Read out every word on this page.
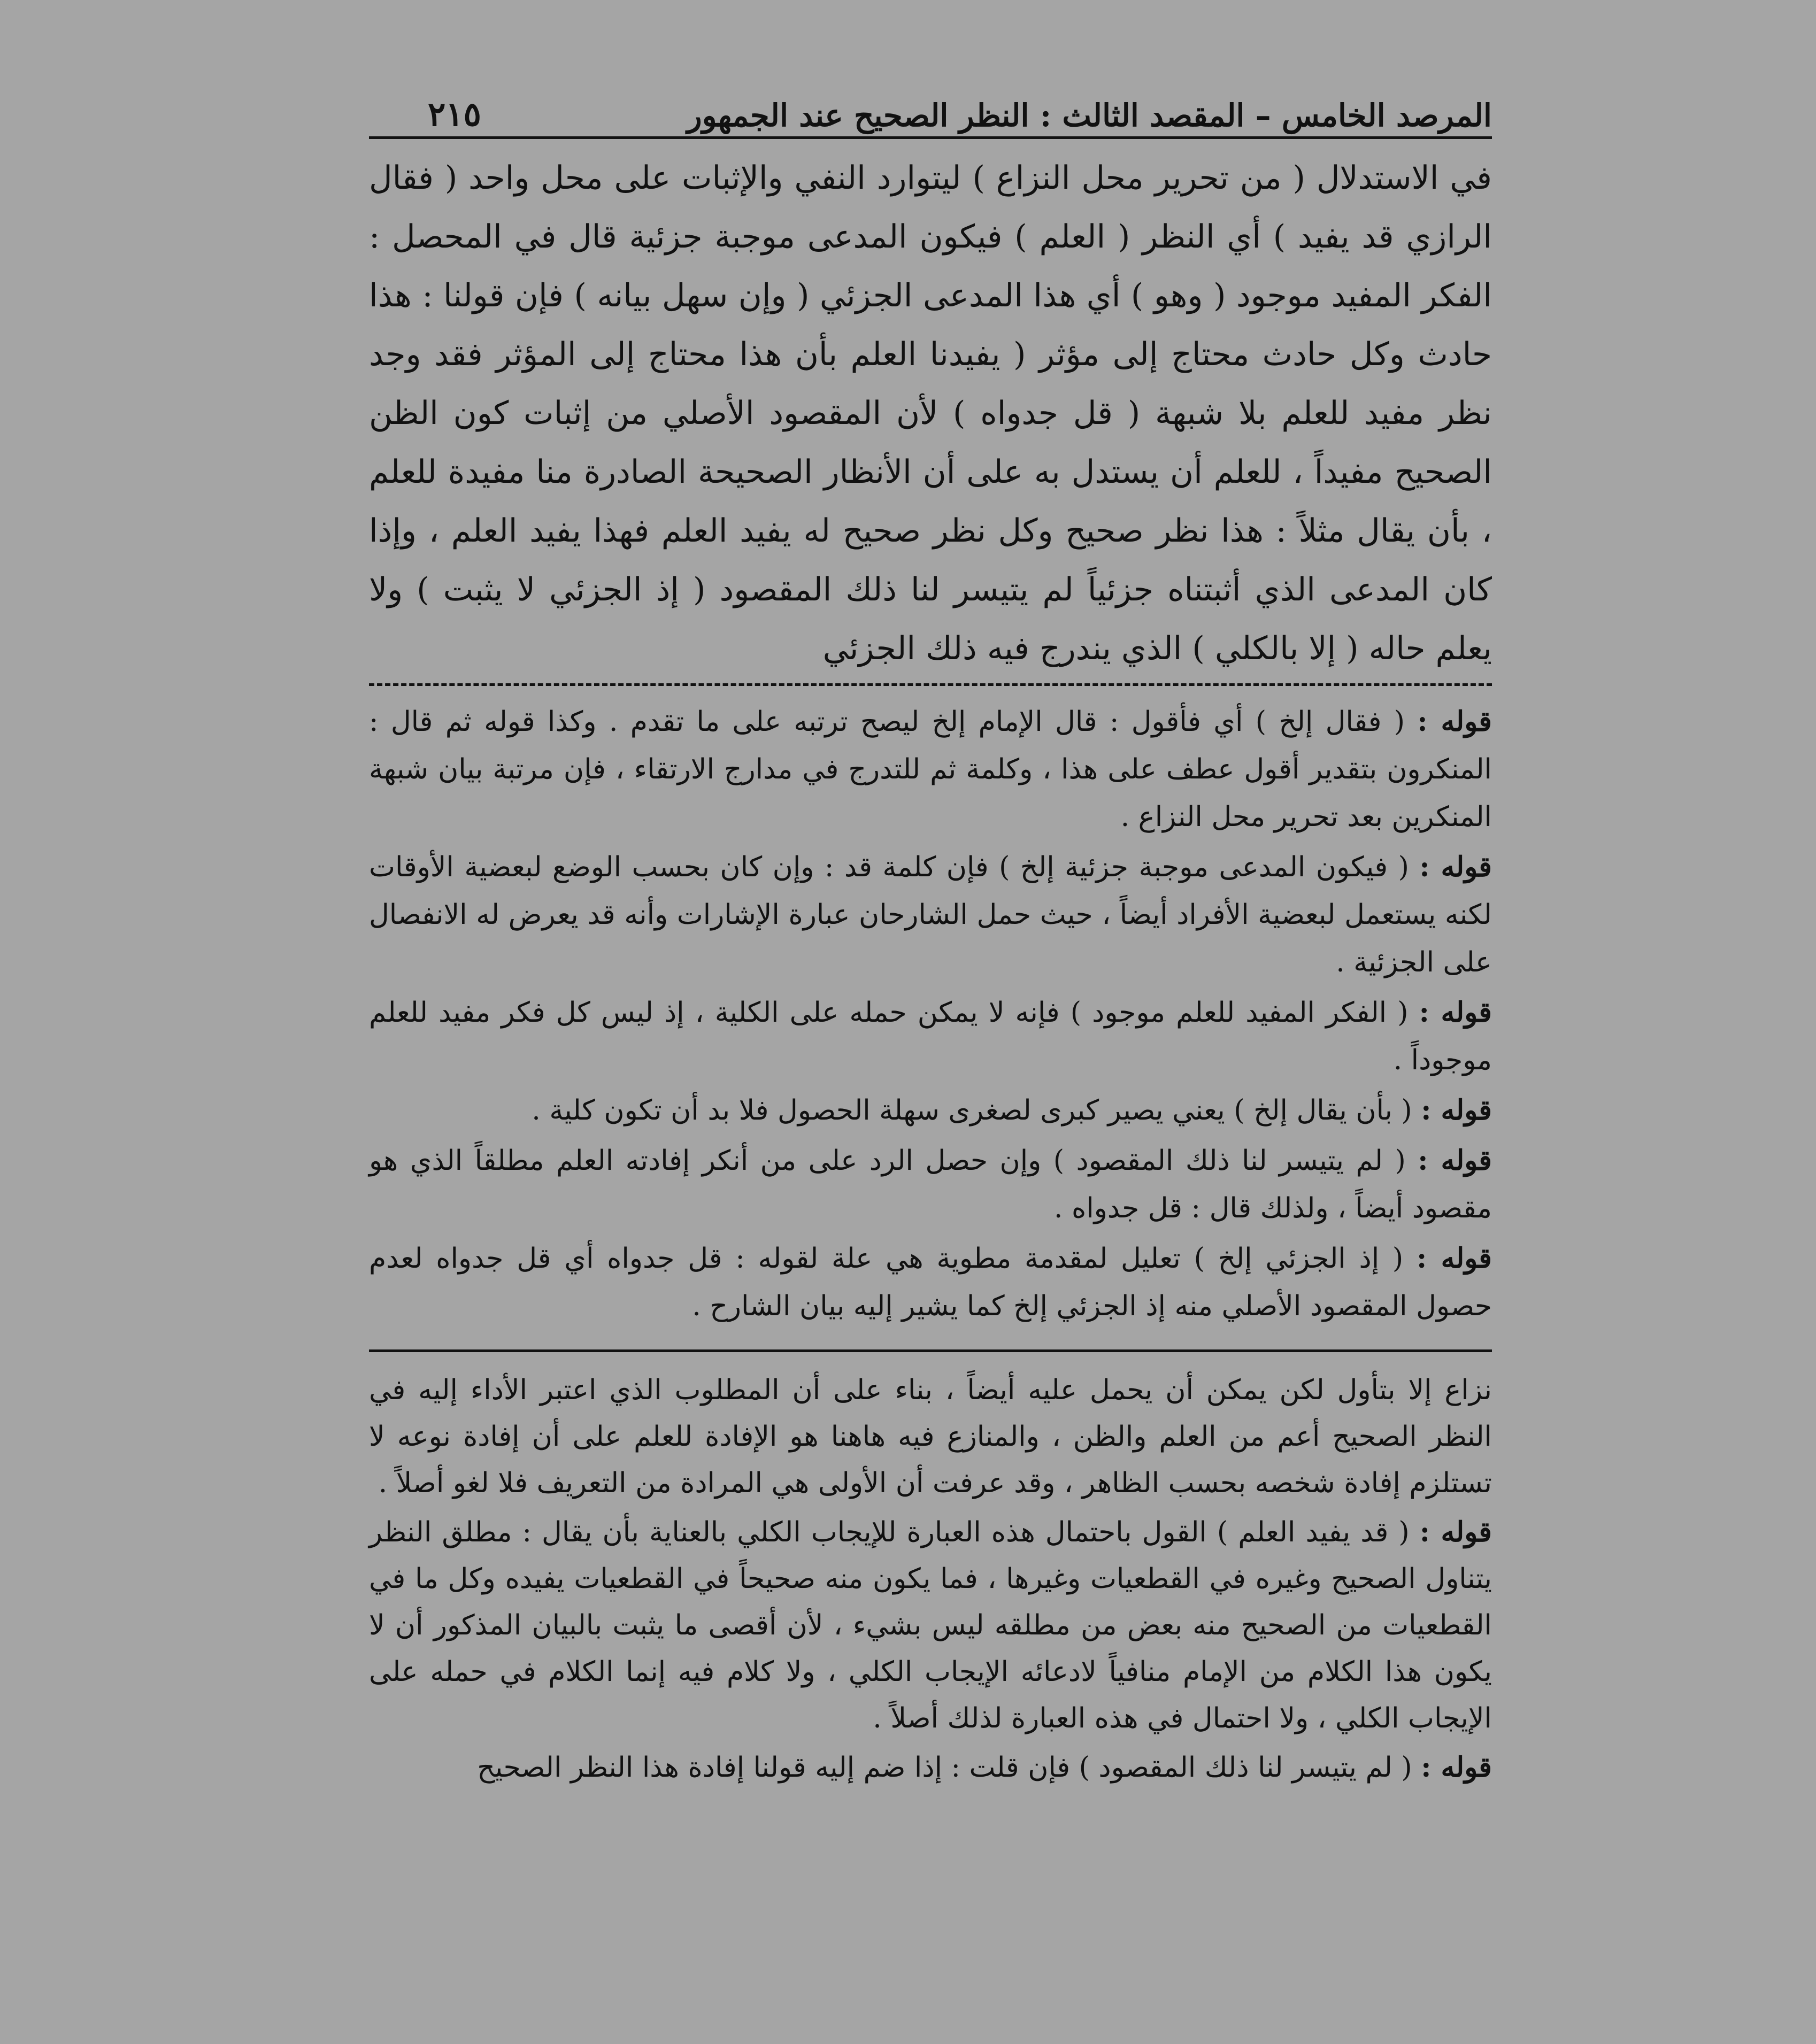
المرصد الخامس – المقصد الثالث : النظر الصحيح عند الجمهور
٢١٥

في الاستدلال ( من تحرير محل النزاع ) ليتوارد النفي والإثبات على محل واحد ( فقال الرازي قد يفيد ) أي النظر ( العلم ) فيكون المدعى موجبة جزئية قال في المحصل : الفكر المفيد موجود ( وهو ) أي هذا المدعى الجزئي ( وإن سهل بيانه ) فإن قولنا : هذا حادث وكل حادث محتاج إلى مؤثر ( يفيدنا العلم بأن هذا محتاج إلى المؤثر فقد وجد نظر مفيد للعلم بلا شبهة ( قل جدواه ) لأن المقصود الأصلي من إثبات كون الظن الصحيح مفيداً ، للعلم أن يستدل به على أن الأنظار الصحيحة الصادرة منا مفيدة للعلم ، بأن يقال مثلاً : هذا نظر صحيح وكل نظر صحيح له يفيد العلم فهذا يفيد العلم ، وإذا كان المدعى الذي أثبتناه جزئياً لم يتيسر لنا ذلك المقصود ( إذ الجزئي لا يثبت ) ولا يعلم حاله ( إلا بالكلي ) الذي يندرج فيه ذلك الجزئي

قوله : ( فقال إلخ ) أي فأقول : قال الإمام إلخ ليصح ترتبه على ما تقدم . وكذا قوله ثم قال : المنكرون بتقدير أقول عطف على هذا ، وكلمة ثم للتدرج في مدارج الارتقاء ، فإن مرتبة بيان شبهة المنكرين بعد تحرير محل النزاع .

قوله : ( فيكون المدعى موجبة جزئية إلخ ) فإن كلمة قد : وإن كان بحسب الوضع لبعضية الأوقات لكنه يستعمل لبعضية الأفراد أيضاً ، حيث حمل الشارحان عبارة الإشارات وأنه قد يعرض له الانفصال على الجزئية .

قوله : ( الفكر المفيد للعلم موجود ) فإنه لا يمكن حمله على الكلية ، إذ ليس كل فكر مفيد للعلم موجوداً .

قوله : ( بأن يقال إلخ ) يعني يصير كبرى لصغرى سهلة الحصول فلا بد أن تكون كلية .

قوله : ( لم يتيسر لنا ذلك المقصود ) وإن حصل الرد على من أنكر إفادته العلم مطلقاً الذي هو مقصود أيضاً ، ولذلك قال : قل جدواه .

قوله : ( إذ الجزئي إلخ ) تعليل لمقدمة مطوية هي علة لقوله : قل جدواه أي قل جدواه لعدم حصول المقصود الأصلي منه إذ الجزئي إلخ كما يشير إليه بيان الشارح .

نزاع إلا بتأول لكن يمكن أن يحمل عليه أيضاً ، بناء على أن المطلوب الذي اعتبر الأداء إليه في النظر الصحيح أعم من العلم والظن ، والمنازع فيه هاهنا هو الإفادة للعلم على أن إفادة نوعه لا تستلزم إفادة شخصه بحسب الظاهر ، وقد عرفت أن الأولى هي المرادة من التعريف فلا لغو أصلاً .

قوله : ( قد يفيد العلم ) القول باحتمال هذه العبارة للإيجاب الكلي بالعناية بأن يقال : مطلق النظر يتناول الصحيح وغيره في القطعيات وغيرها ، فما يكون منه صحيحاً في القطعيات يفيده وكل ما في القطعيات من الصحيح منه بعض من مطلقه ليس بشيء ، لأن أقصى ما يثبت بالبيان المذكور أن لا يكون هذا الكلام من الإمام منافياً لادعائه الإيجاب الكلي ، ولا كلام فيه إنما الكلام في حمله على الإيجاب الكلي ، ولا احتمال في هذه العبارة لذلك أصلاً .

قوله : ( لم يتيسر لنا ذلك المقصود ) فإن قلت : إذا ضم إليه قولنا إفادة هذا النظر الصحيح
